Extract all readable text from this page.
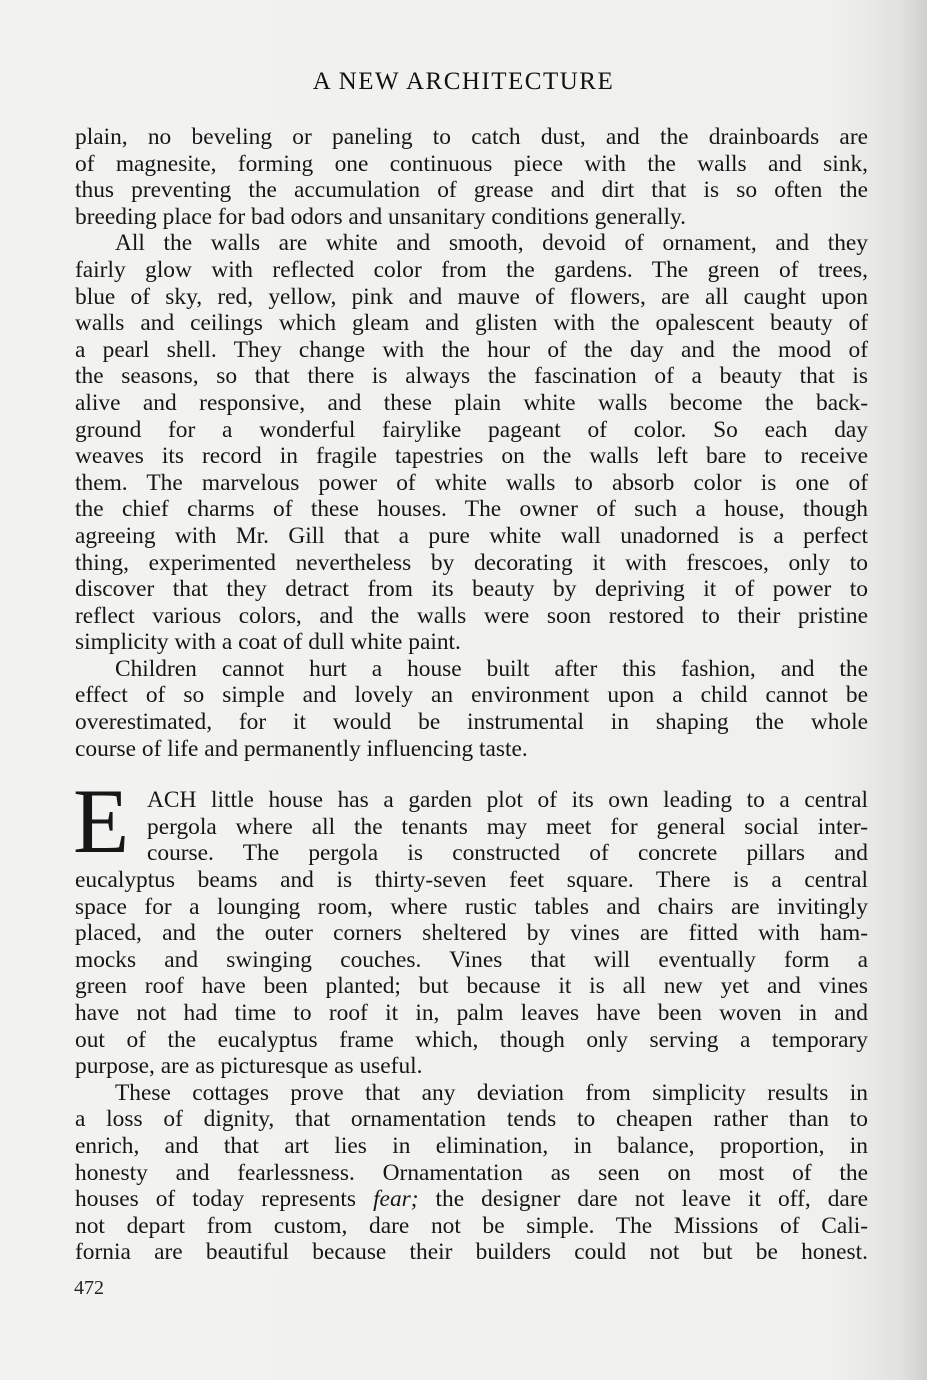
A NEW ARCHITECTURE
plain, no beveling or paneling to catch dust, and the drainboards are
of magnesite, forming one continuous piece with the walls and sink,
thus preventing the accumulation of grease and dirt that is so often the
breeding place for bad odors and unsanitary conditions generally.
All the walls are white and smooth, devoid of ornament, and they
fairly glow with reflected color from the gardens. The green of trees,
blue of sky, red, yellow, pink and mauve of flowers, are all caught upon
walls and ceilings which gleam and glisten with the opalescent beauty of
a pearl shell. They change with the hour of the day and the mood of
the seasons, so that there is always the fascination of a beauty that is
alive and responsive, and these plain white walls become the back-
ground for a wonderful fairylike pageant of color. So each day
weaves its record in fragile tapestries on the walls left bare to receive
them. The marvelous power of white walls to absorb color is one of
the chief charms of these houses. The owner of such a house, though
agreeing with Mr. Gill that a pure white wall unadorned is a perfect
thing, experimented nevertheless by decorating it with frescoes, only to
discover that they detract from its beauty by depriving it of power to
reflect various colors, and the walls were soon restored to their pristine
simplicity with a coat of dull white paint.
Children cannot hurt a house built after this fashion, and the
effect of so simple and lovely an environment upon a child cannot be
overestimated, for it would be instrumental in shaping the whole
course of life and permanently influencing taste.
E ACH little house has a garden plot of its own leading to a central
pergola where all the tenants may meet for general social inter-
course. The pergola is constructed of concrete pillars and
eucalyptus beams and is thirty-seven feet square. There is a central
space for a lounging room, where rustic tables and chairs are invitingly
placed, and the outer corners sheltered by vines are fitted with ham-
mocks and swinging couches. Vines that will eventually form a
green roof have been planted; but because it is all new yet and vines
have not had time to roof it in, palm leaves have been woven in and
out of the eucalyptus frame which, though only serving a temporary
purpose, are as picturesque as useful.
These cottages prove that any deviation from simplicity results in
a loss of dignity, that ornamentation tends to cheapen rather than to
enrich, and that art lies in elimination, in balance, proportion, in
honesty and fearlessness. Ornamentation as seen on most of the
houses of today represents fear; the designer dare not leave it off, dare
not depart from custom, dare not be simple. The Missions of Cali-
fornia are beautiful because their builders could not but be honest.
472
